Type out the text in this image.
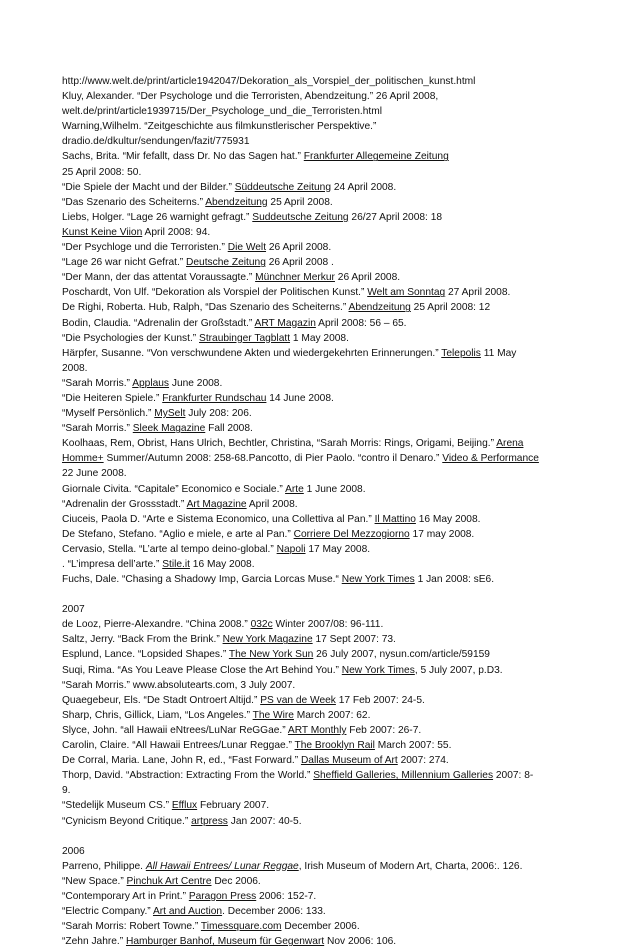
http://www.welt.de/print/article1942047/Dekoration_als_Vorspiel_der_politischen_kunst.html
Kluy, Alexander. “Der Psychologe und die Terroristen, Abendzeitung.” 26 April 2008,
welt.de/print/article1939715/Der_Psychologe_und_die_Terroristen.html
Warning,Wilhelm. “Zeitgeschichte aus filmkunstlerischer Perspektive.”
dradio.de/dkultur/sendungen/fazit/775931
Sachs, Brita. “Mir fefallt, dass Dr. No das Sagen hat.” Frankfurter Allegemeine Zeitung
25 April 2008: 50.
“Die Spiele der Macht und der Bilder.” Süddeutsche Zeitung 24 April 2008.
“Das Szenario des Scheiterns.” Abendzeitung 25 April 2008.
Liebs, Holger. “Lage 26 warnight gefragt.” Suddeutsche Zeitung 26/27 April 2008: 18
Kunst Keine Viion April 2008: 94.
“Der Psychloge und die Terroristen.” Die Welt 26 April 2008.
“Lage 26 war nicht Gefrat.” Deutsche Zeitung 26 April 2008 .
“Der Mann, der das attentat Voraussagte.” Münchner Merkur 26 April 2008.
Poschardt, Von Ulf. “Dekoration als Vorspiel der Politischen Kunst.” Welt am Sonntag 27 April 2008.
De Righi, Roberta. Hub, Ralph, “Das Szenario des Scheiterns.” Abendzeitung 25 April 2008: 12
Bodin, Claudia. “Adrenalin der Großstadt.” ART Magazin April 2008: 56 – 65.
“Die Psychologies der Kunst.” Straubinger Tagblatt 1 May 2008.
Härpfer, Susanne. “Von verschwundene Akten und wiedergekehrten Erinnerungen.” Telepolis 11 May
2008.
“Sarah Morris.” Applaus June 2008.
“Die Heiteren Spiele.” Frankfurter Rundschau 14 June 2008.
“Myself Persönlich.” MySelt July 208: 206.
“Sarah Morris.” Sleek Magazine Fall 2008.
Koolhaas, Rem, Obrist, Hans Ulrich, Bechtler, Christina, “Sarah Morris: Rings, Origami, Beijing.” Arena
Homme+ Summer/Autumn 2008: 258-68.Pancotto, di Pier Paolo. “contro il Denaro.” Video & Performance
22 June 2008.
Giornale Civita. “Capitale” Economico e Sociale.” Arte 1 June 2008.
“Adrenalin der Grossstadt.” Art Magazine April 2008.
Ciuceis, Paola D. “Arte e Sistema Economico, una Collettiva al Pan.” Il Mattino 16 May 2008.
De Stefano, Stefano. “Aglio e miele, e arte al Pan.” Corriere Del Mezzogiorno 17 may 2008.
Cervasio, Stella. “L’arte al tempo deino-global.” Napoli 17 May 2008.
. “L’impresa dell’arte.” Stile.it 16 May 2008.
Fuchs, Dale. “Chasing a Shadowy Imp, Garcia Lorcas Muse.“ New York Times 1 Jan 2008: sE6.
2007
de Looz, Pierre-Alexandre. “China 2008.” 032c Winter 2007/08: 96-111.
Saltz, Jerry. “Back From the Brink.” New York Magazine 17 Sept 2007: 73.
Esplund, Lance. “Lopsided Shapes.” The New York Sun 26 July 2007, nysun.com/article/59159
Suqi, Rima. “As You Leave Please Close the Art Behind You.” New York Times, 5 July 2007, p.D3.
“Sarah Morris.” www.absolutearts.com, 3 July 2007.
Quaegebeur, Els. “De Stadt Ontroert Altijd.” PS van de Week 17 Feb 2007: 24-5.
Sharp, Chris, Gillick, Liam, “Los Angeles.” The Wire March 2007: 62.
Slyce, John. “all Hawaii eNtrees/LuNar ReGGae.” ART Monthly Feb 2007: 26-7.
Carolin, Claire. “All Hawaii Entrees/Lunar Reggae.” The Brooklyn Rail March 2007: 55.
De Corral, Maria. Lane, John R, ed., “Fast Forward.” Dallas Museum of Art 2007: 274.
Thorp, David. “Abstraction: Extracting From the World.” Sheffield Galleries, Millennium Galleries 2007: 8-
9.
“Stedelijk Museum CS.” Efflux February 2007.
“Cynicism Beyond Critique.” artpress Jan 2007: 40-5.
2006
Parreno, Philippe. All Hawaii Entrees/ Lunar Reggae, Irish Museum of Modern Art, Charta, 2006:. 126.
“New Space.” Pinchuk Art Centre Dec 2006.
“Contemporary Art in Print.” Paragon Press 2006: 152-7.
“Electric Company.” Art and Auction. December 2006: 133.
“Sarah Morris: Robert Towne.” Timessquare.com December 2006.
“Zehn Jahre.” Hamburger Banhof, Museum für Gegenwart Nov 2006: 106.
